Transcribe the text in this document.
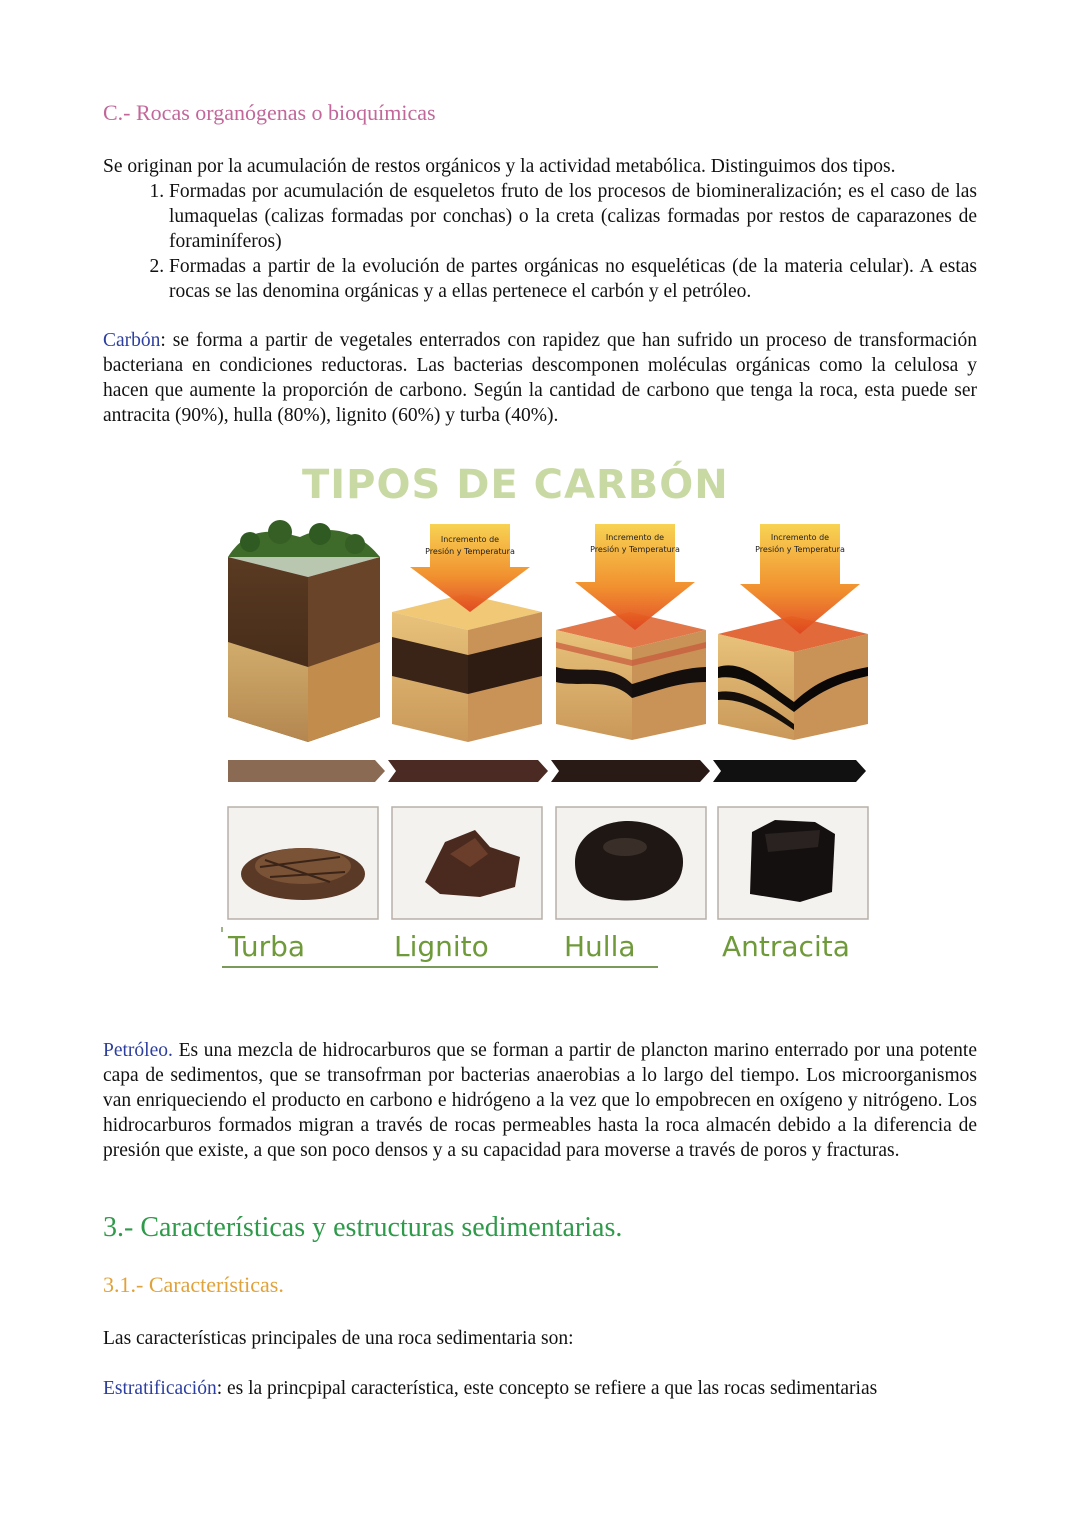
C.- Rocas organógenas o bioquímicas

Se originan por la acumulación de restos orgánicos y la actividad metabólica. Distinguimos dos tipos.

1. Formadas por acumulación de esqueletos fruto de los procesos de biomineralización; es el caso de las lumaquelas (calizas formadas por conchas) o la creta (calizas formadas por restos de caparazones de foraminíferos)
2. Formadas a partir de la evolución de partes orgánicas no esqueléticas (de la materia celular). A estas rocas se las denomina orgánicas y a ellas pertenece el carbón y el petróleo.

Carbón: se forma a partir de vegetales enterrados con rapidez que han sufrido un proceso de transformación bacteriana en condiciones reductoras. Las bacterias descomponen moléculas orgánicas como la celulosa y hacen que aumente la proporción de carbono. Según la cantidad de carbono que tenga la roca, esta puede ser antracita (90%), hulla (80%), lignito (60%) y turba (40%).

TIPOS DE CARBÓN
Incremento de
Presión y Temperatura
Incremento de
Presión y Temperatura
Incremento de
Presión y Temperatura
Turba	Lignito	Hulla	Antracita

Petróleo. Es una mezcla de hidrocarburos que se forman a partir de plancton marino enterrado por una potente capa de sedimentos, que se transofrman por bacterias anaerobias a lo largo del tiempo. Los microorganismos van enriqueciendo el producto en carbono e hidrógeno a la vez que lo empobrecen en oxígeno y nitrógeno. Los hidrocarburos formados migran a través de rocas permeables hasta la roca almacén debido a la diferencia de presión que existe, a que son poco densos y a su capacidad para moverse a través de poros y fracturas.

3.- Características y estructuras sedimentarias.
3.1.- Características.

Las características principales de una roca sedimentaria son:

Estratificación: es la princpipal característica, este concepto se refiere a que las rocas sedimentarias
